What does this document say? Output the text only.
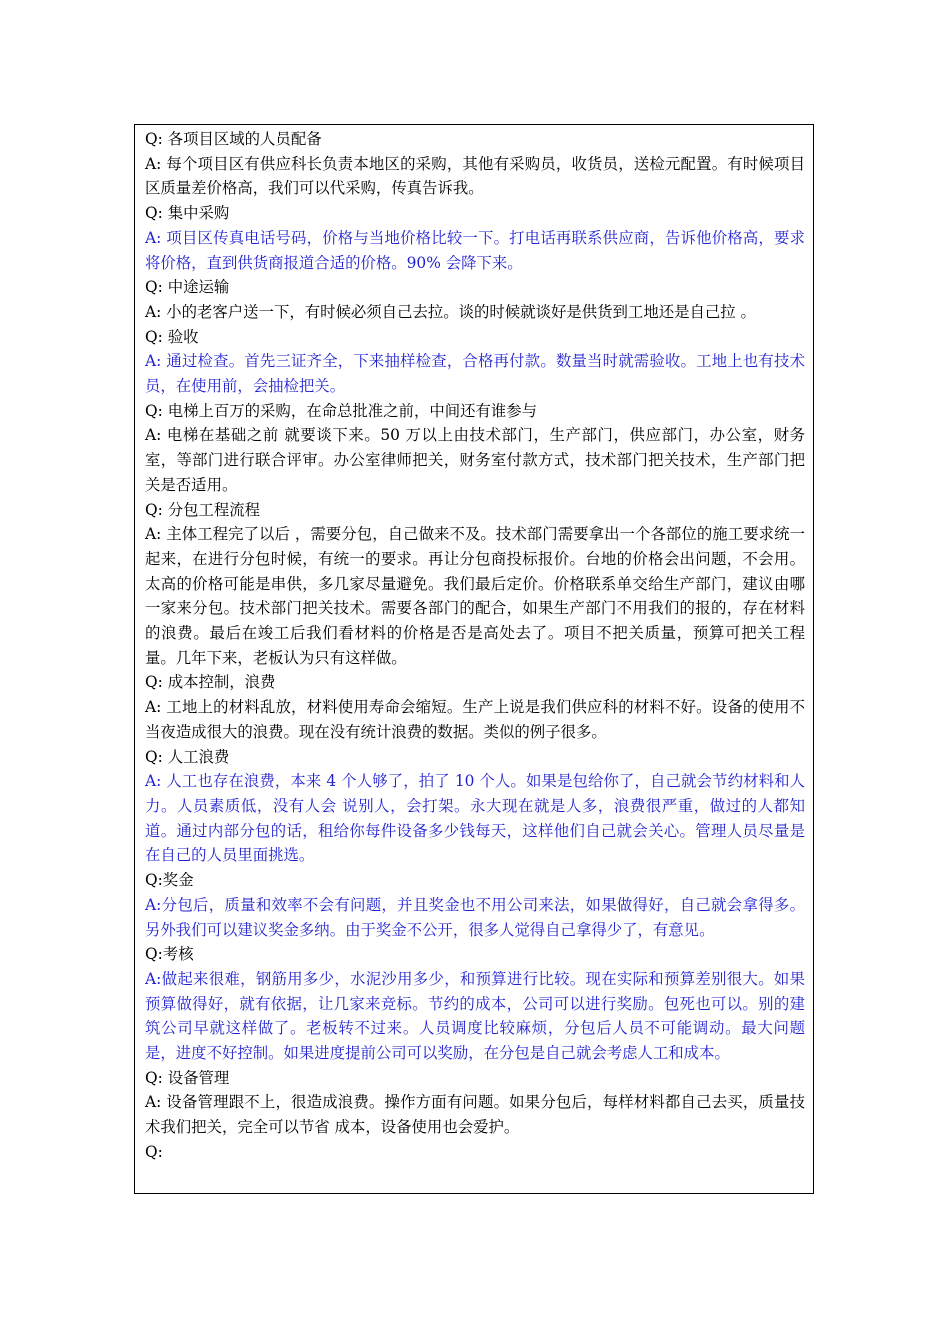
Q: 各项目区域的人员配备

A: 每个项目区有供应科长负责本地区的采购，其他有采购员，收货员，送检元配置。有时候项目区质量差价格高，我们可以代采购，传真告诉我。

Q: 集中采购

A: 项目区传真电话号码，价格与当地价格比较一下。打电话再联系供应商，告诉他价格高，要求将价格，直到供货商报道合适的价格。90% 会降下来。

Q: 中途运输

A: 小的老客户送一下，有时候必须自己去拉。谈的时候就谈好是供货到工地还是自己拉 。

Q: 验收

A: 通过检查。首先三证齐全，下来抽样检查，合格再付款。数量当时就需验收。工地上也有技术员，在使用前，会抽检把关。

Q: 电梯上百万的采购，在命总批准之前，中间还有谁参与

A: 电梯在基础之前 就要谈下来。50 万以上由技术部门，生产部门，供应部门，办公室，财务室，等部门进行联合评审。办公室律师把关，财务室付款方式，技术部门把关技术，生产部门把关是否适用。

Q: 分包工程流程

A: 主体工程完了以后 ，需要分包，自己做来不及。技术部门需要拿出一个各部位的施工要求统一起来，在进行分包时候，有统一的要求。再让分包商投标报价。台地的价格会出问题，不会用。太高的价格可能是串供，多几家尽量避免。我们最后定价。价格联系单交给生产部门，建议由哪一家来分包。技术部门把关技术。需要各部门的配合，如果生产部门不用我们的报的，存在材料的浪费。最后在竣工后我们看材料的价格是否是高处去了。项目不把关质量，预算可把关工程量。几年下来，老板认为只有这样做。

Q: 成本控制，浪费

A: 工地上的材料乱放，材料使用寿命会缩短。生产上说是我们供应科的材料不好。设备的使用不当夜造成很大的浪费。现在没有统计浪费的数据。类似的例子很多。

Q: 人工浪费

A: 人工也存在浪费，本来 4 个人够了，拍了 10 个人。如果是包给你了，自己就会节约材料和人力。人员素质低，没有人会 说别人，会打架。永大现在就是人多，浪费很严重，做过的人都知道。通过内部分包的话，租给你每件设备多少钱每天，这样他们自己就会关心。管理人员尽量是在自己的人员里面挑选。

Q:奖金

A:分包后，质量和效率不会有问题，并且奖金也不用公司来法，如果做得好，自己就会拿得多。另外我们可以建议奖金多纳。由于奖金不公开，很多人觉得自己拿得少了，有意见。

Q:考核

A:做起来很难，钢筋用多少，水泥沙用多少，和预算进行比较。现在实际和预算差别很大。如果预算做得好，就有依据，让几家来竞标。节约的成本，公司可以进行奖励。包死也可以。别的建筑公司早就这样做了。老板转不过来。人员调度比较麻烦，分包后人员不可能调动。最大问题是，进度不好控制。如果进度提前公司可以奖励，在分包是自己就会考虑人工和成本。

Q: 设备管理

A: 设备管理跟不上，很造成浪费。操作方面有问题。如果分包后，每样材料都自己去买，质量技术我们把关，完全可以节省 成本，设备使用也会爱护。

Q:
